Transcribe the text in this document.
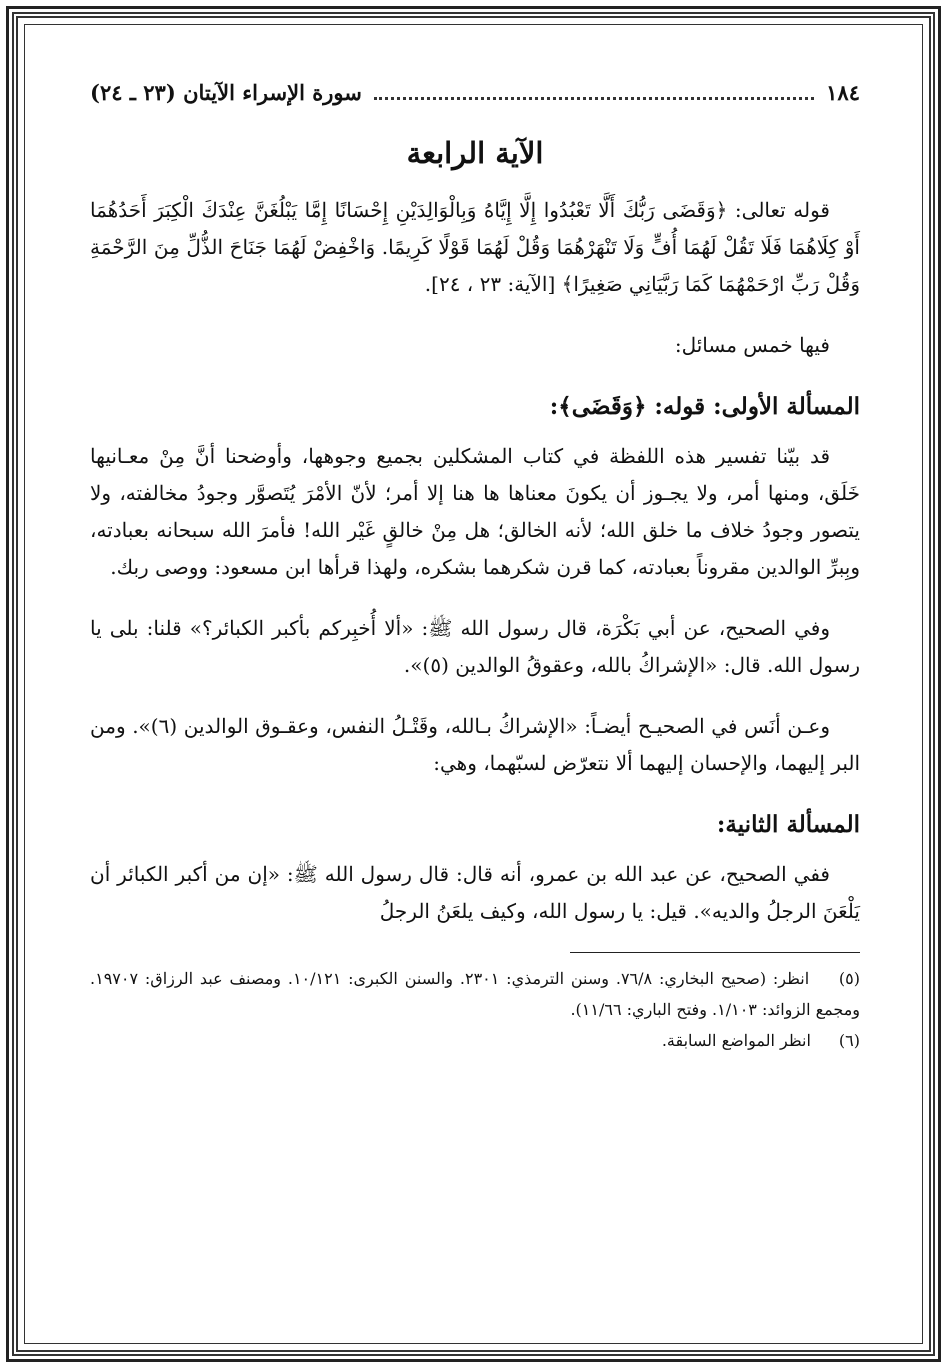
١٨٤
سورة الإسراء الآيتان (٢٣ ـ ٢٤)
الآية الرابعة

قوله تعالى: ﴿وَقَضَى رَبُّكَ أَلَّا تَعْبُدُوا إِلَّا إِيَّاهُ وَبِالْوَالِدَيْنِ إِحْسَانًا إِمَّا يَبْلُغَنَّ عِنْدَكَ الْكِبَرَ أَحَدُهُمَا أَوْ كِلَاهُمَا فَلَا تَقُلْ لَهُمَا أُفٍّ وَلَا تَنْهَرْهُمَا وَقُلْ لَهُمَا قَوْلًا كَرِيمًا. وَاخْفِضْ لَهُمَا جَنَاحَ الذُّلِّ مِنَ الرَّحْمَةِ وَقُلْ رَبِّ ارْحَمْهُمَا كَمَا رَبَّيَانِي صَغِيرًا﴾ [الآية: ٢٣ ، ٢٤].

فيها خمس مسائل:

المسألة الأولى: قوله: ﴿وَقَضَى﴾:

قد بيّنا تفسير هذه اللفظة في كتاب المشكلين بجميع وجوهها، وأوضحنا أنَّ مِنْ معـانيها خَلَق، ومنها أمر، ولا يجـوز أن يكونَ معناها ها هنا إلا أمر؛ لأنّ الأمْرَ يُتَصوَّر وجودُ مخالفته، ولا يتصور وجودُ خلاف ما خلق الله؛ لأنه الخالق؛ هل مِنْ خالقٍ غَيْر الله! فأمرَ الله سبحانه بعبادته، وبِبرِّ الوالدين مقروناً بعبادته، كما قرن شكرهما بشكره، ولهذا قرأها ابن مسعود: ووصى ربك.

وفي الصحيح، عن أبي بَكْرَة، قال رسول الله ﷺ: «ألا أُخبِركم بأكبر الكبائر؟» قلنا: بلى يا رسول الله. قال: «الإشراكُ بالله، وعقوقُ الوالدين (٥)».

وعـن أنَس في الصحيـح أيضـاً: «الإشراكُ بـالله، وقَتْـلُ النفس، وعقـوق الوالدين (٦)». ومن البر إليهما، والإحسان إليهما ألا نتعرّض لسبّهما، وهي:

المسألة الثانية:

ففي الصحيح، عن عبد الله بن عمرو، أنه قال: قال رسول الله ﷺ: «إن من أكبر الكبائر أن يَلْعَنَ الرجلُ والديه». قيل: يا رسول الله، وكيف يلعَنُ الرجلُ

(٥) انظر: (صحيح البخاري: ٧٦/٨. وسنن الترمذي: ٢٣٠١. والسنن الكبرى: ١٠/١٢١. ومصنف عبد الرزاق: ١٩٧٠٧. ومجمع الزوائد: ١/١٠٣. وفتح الباري: ١١/٦٦).

(٦) انظر المواضع السابقة.
